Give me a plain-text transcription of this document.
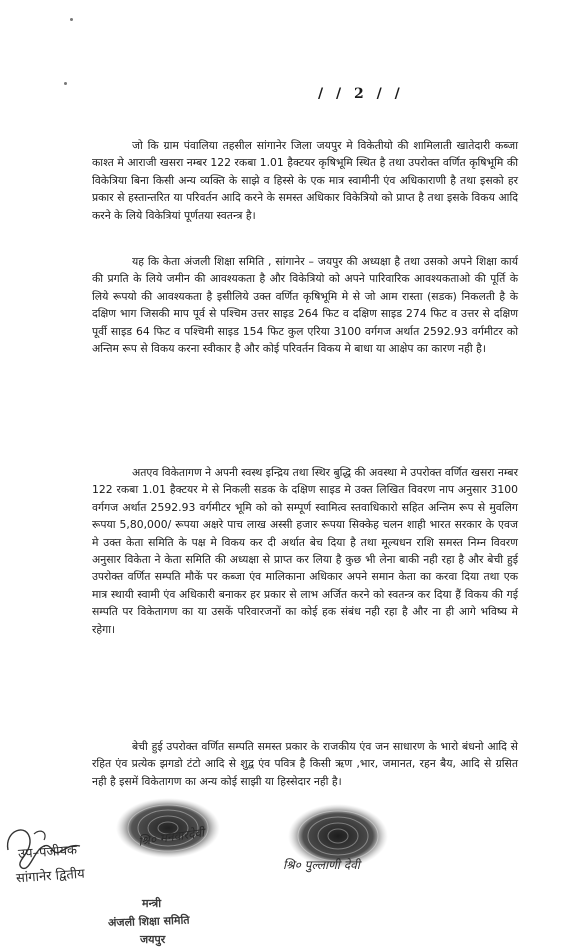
/ / 2 / /

जो कि ग्राम पंवालिया तहसील सांगानेर जिला जयपुर मे विकेतीयो की शामिलाती खातेदारी कब्जा काश्त मे आराजी खसरा नम्बर 122 रकबा 1.01 हैक्टयर कृषिभूमि स्थित है तथा उपरोक्त वर्णित कृषिभूमि की विकेत्रिया बिना किसी अन्य व्यक्ति के साझे व हिस्से के एक मात्र स्वामीनी एंव अधिकाराणी है तथा इसको हर प्रकार से हस्तान्तरित या परिवर्तन आदि करने के समस्त अधिकार विकेत्रियो को प्राप्त है तथा इसके विकय आदि करने के लिये विकेत्रियां पूर्णतया स्वतन्त्र है।

यह कि केता अंजली शिक्षा समिति , सांगानेर – जयपुर की अध्यक्षा है तथा उसको अपने शिक्षा कार्य की प्रगति के लिये जमीन की आवश्यकता है और विकेत्रियो को अपने पारिवारिक आवश्यकताओ की पूर्ति के लिये रूपयो की आवश्यकता है इसीलिये उक्त वर्णित कृषिभूमि मे से जो आम रास्ता (सडक) निकलती है के दक्षिण भाग जिसकी माप पूर्व से पश्चिम उत्तर साइड 264 फिट व दक्षिण साइड 274 फिट व उत्तर से दक्षिण पूर्वी साइड 64 फिट व पश्चिमी साइड 154 फिट कुल एरिया 3100 वर्गगज अर्थात 2592.93 वर्गमीटर को अन्तिम रूप से विकय करना स्वीकार है और कोई परिवर्तन विकय मे बाधा या आक्षेप का कारण नही है।

अतएव विकेतागण ने अपनी स्वस्थ इन्द्रिय तथा स्थिर बुद्धि की अवस्था मे उपरोक्त वर्णित खसरा नम्बर 122 रकबा 1.01 हैक्टयर मे से निकली सडक के दक्षिण साइड मे उक्त लिखित विवरण नाप अनुसार 3100 वर्गगज अर्थात 2592.93 वर्गमीटर भूमि को को सम्पूर्ण स्वामित्व स्तवाधिकारो सहित अन्तिम रूप से मुवलिग रूपया 5,80,000/ रूपया अक्षरे पाच लाख अस्सी हजार रूपया सिक्केह चलन शाही भारत सरकार के एवज मे उक्त केता समिति के पक्ष मे विकय कर दी अर्थात बेच दिया है तथा मूल्यधन राशि समस्त निम्न विवरण अनुसार विकेता ने केता समिति की अध्यक्षा से प्राप्त कर लिया है कुछ भी लेना बाकी नही रहा है और बेची हुई उपरोक्त वर्णित सम्पति मौकें पर कब्जा एंव मालिकाना अधिकार अपने समान केता का करवा दिया तथा एक मात्र स्थायी स्वामी एंव अधिकारी बनाकर हर प्रकार से लाभ अर्जित करने को स्वतन्त्र कर दिया हैं विकय की गई सम्पति पर विकेतागण का या उसकें परिवारजनों का कोई हक संबंध नही रहा है और ना ही आगे भविष्य मे रहेगा।

बेची हुई उपरोक्त वर्णित सम्पति समस्त प्रकार के राजकीय एंव जन साधारण के भारो बंधनो आदि से रहित एंव प्रत्येक झगडो टंटो आदि से शुद्व एंव पवित्र है किसी ऋण ,भार, जमानत, रहन बैय, आदि से ग्रसित नही है इसमें विकेतागण का अन्य कोई साझी या हिस्सेदार नही है।

उप–पंजीयक
सांगानेर द्वितीय
श्रि० मनवारदेवी
श्रि० पुल्लाणी देवी
मन्त्री
अंजली शिक्षा समिति
जयपुर
